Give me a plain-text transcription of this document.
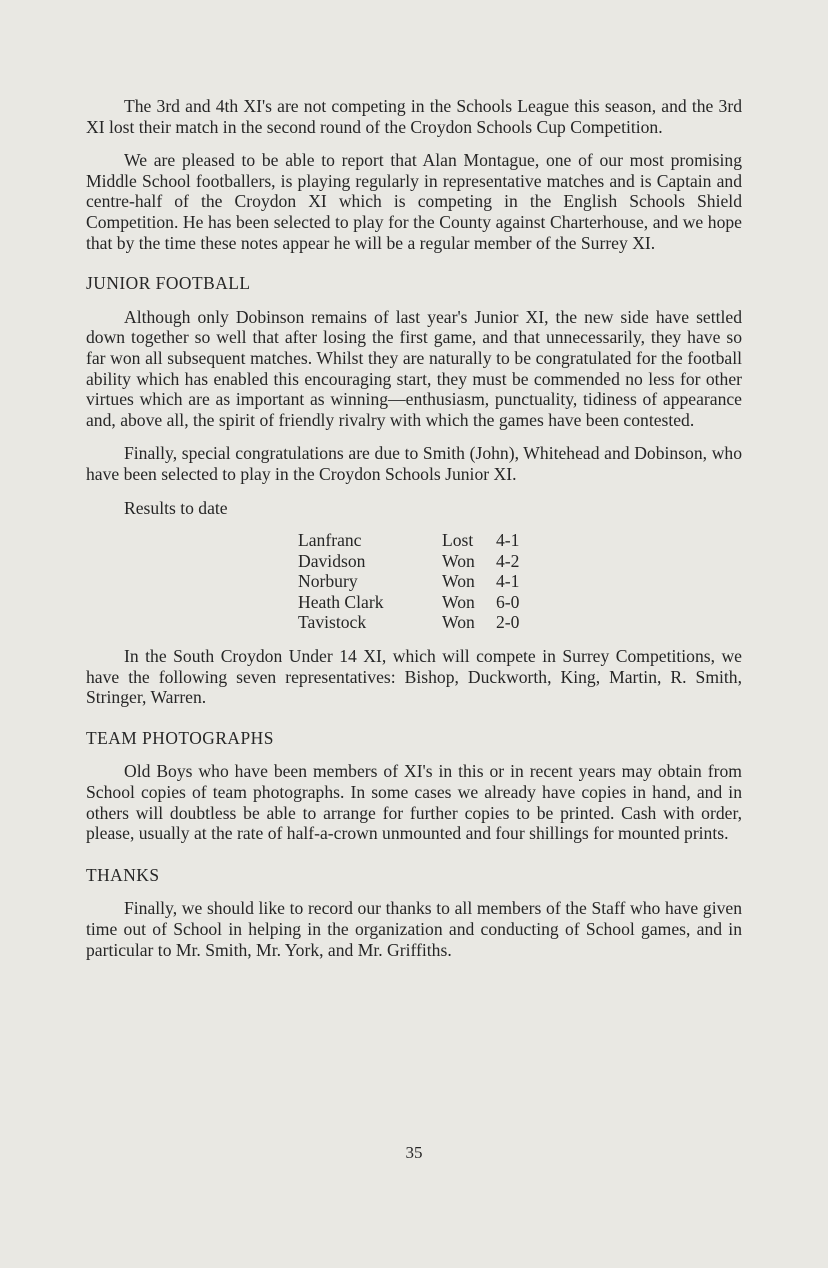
The 3rd and 4th XI's are not competing in the Schools League this season, and the 3rd XI lost their match in the second round of the Croydon Schools Cup Competition.

We are pleased to be able to report that Alan Montague, one of our most promising Middle School footballers, is playing regularly in representative matches and is Captain and centre-half of the Croydon XI which is competing in the English Schools Shield Competition. He has been selected to play for the County against Charterhouse, and we hope that by the time these notes appear he will be a regular member of the Surrey XI.

JUNIOR FOOTBALL

Although only Dobinson remains of last year's Junior XI, the new side have settled down together so well that after losing the first game, and that unnecessarily, they have so far won all subsequent matches. Whilst they are naturally to be congratulated for the football ability which has enabled this encouraging start, they must be commended no less for other virtues which are as important as winning—enthusiasm, punctuality, tidiness of appearance and, above all, the spirit of friendly rivalry with which the games have been contested.

Finally, special congratulations are due to Smith (John), Whitehead and Dobinson, who have been selected to play in the Croydon Schools Junior XI.

Results to date

Lanfranc	Lost	4-1
Davidson	Won	4-2
Norbury	Won	4-1
Heath Clark	Won	6-0
Tavistock	Won	2-0

In the South Croydon Under 14 XI, which will compete in Surrey Competitions, we have the following seven representatives: Bishop, Duckworth, King, Martin, R. Smith, Stringer, Warren.

TEAM PHOTOGRAPHS

Old Boys who have been members of XI's in this or in recent years may obtain from School copies of team photographs. In some cases we already have copies in hand, and in others will doubtless be able to arrange for further copies to be printed. Cash with order, please, usually at the rate of half-a-crown unmounted and four shillings for mounted prints.

THANKS

Finally, we should like to record our thanks to all members of the Staff who have given time out of School in helping in the organization and conducting of School games, and in particular to Mr. Smith, Mr. York, and Mr. Griffiths.

35
